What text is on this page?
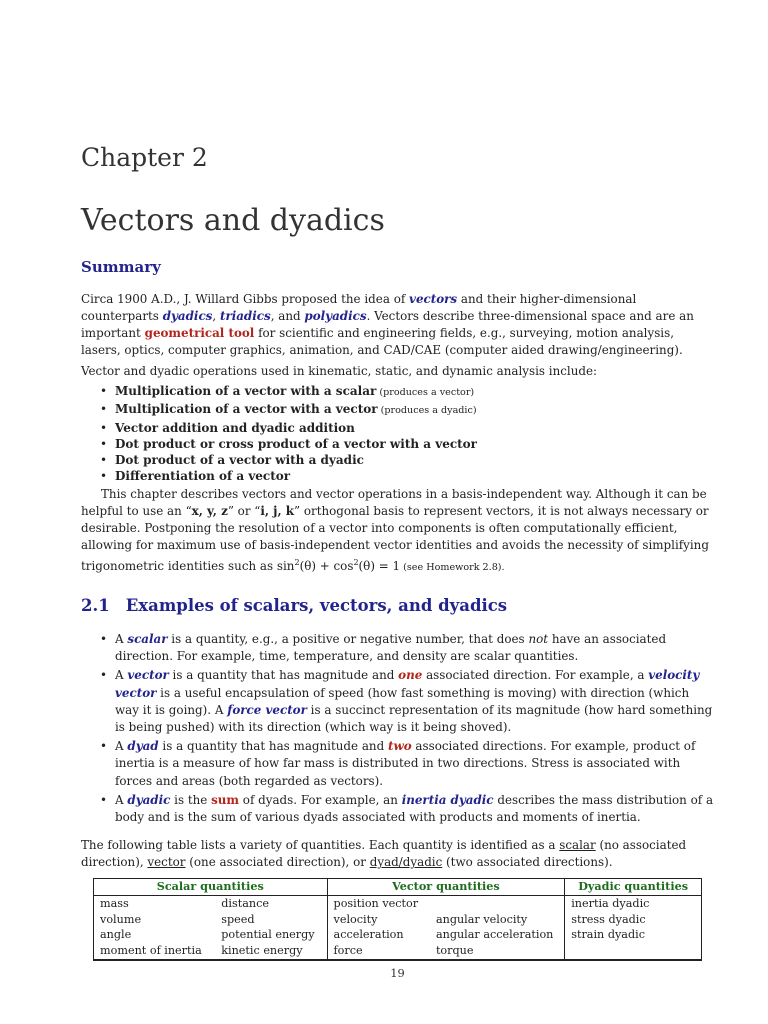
Chapter 2
Vectors and dyadics
Summary

Circa 1900 A.D., J. Willard Gibbs proposed the idea of vectors and their higher-dimensional counterparts dyadics, triadics, and polyadics. Vectors describe three-dimensional space and are an important geometrical tool for scientific and engineering fields, e.g., surveying, motion analysis, lasers, optics, computer graphics, animation, and CAD/CAE (computer aided drawing/engineering).

Vector and dyadic operations used in kinematic, static, and dynamic analysis include:

• Multiplication of a vector with a scalar (produces a vector)
• Multiplication of a vector with a vector (produces a dyadic)
• Vector addition and dyadic addition
• Dot product or cross product of a vector with a vector
• Dot product of a vector with a dyadic
• Differentiation of a vector

This chapter describes vectors and vector operations in a basis-independent way. Although it can be helpful to use an “x, y, z” or “i, j, k” orthogonal basis to represent vectors, it is not always necessary or desirable. Postponing the resolution of a vector into components is often computationally efficient, allowing for maximum use of basis-independent vector identities and avoids the necessity of simplifying trigonometric identities such as $\sin^2(\theta) + \cos^2(\theta) = 1$ (see Homework 2.8).

2.1 Examples of scalars, vectors, and dyadics
• A scalar is a quantity, e.g., a positive or negative number, that does not have an associated direction. For example, time, temperature, and density are scalar quantities.
• A vector is a quantity that has magnitude and one associated direction. For example, a velocity vector is a useful encapsulation of speed (how fast something is moving) with direction (which way it is going). A force vector is a succinct representation of its magnitude (how hard something is being pushed) with its direction (which way is it being shoved).
• A dyad is a quantity that has magnitude and two associated directions. For example, product of inertia is a measure of how far mass is distributed in two directions. Stress is associated with forces and areas (both regarded as vectors).
• A dyadic is the sum of dyads. For example, an inertia dyadic describes the mass distribution of a body and is the sum of various dyads associated with products and moments of inertia.

The following table lists a variety of quantities. Each quantity is identified as a scalar (no associated direction), vector (one associated direction), or dyad/dyadic (two associated directions).

Scalar quantities		Vector quantities		Dyadic quantities
mass	distance	position vector		inertia dyadic
volume	speed	velocity	angular velocity	stress dyadic
angle	potential energy	acceleration	angular acceleration	strain dyadic
moment of inertia	kinetic energy	force	torque	
19
